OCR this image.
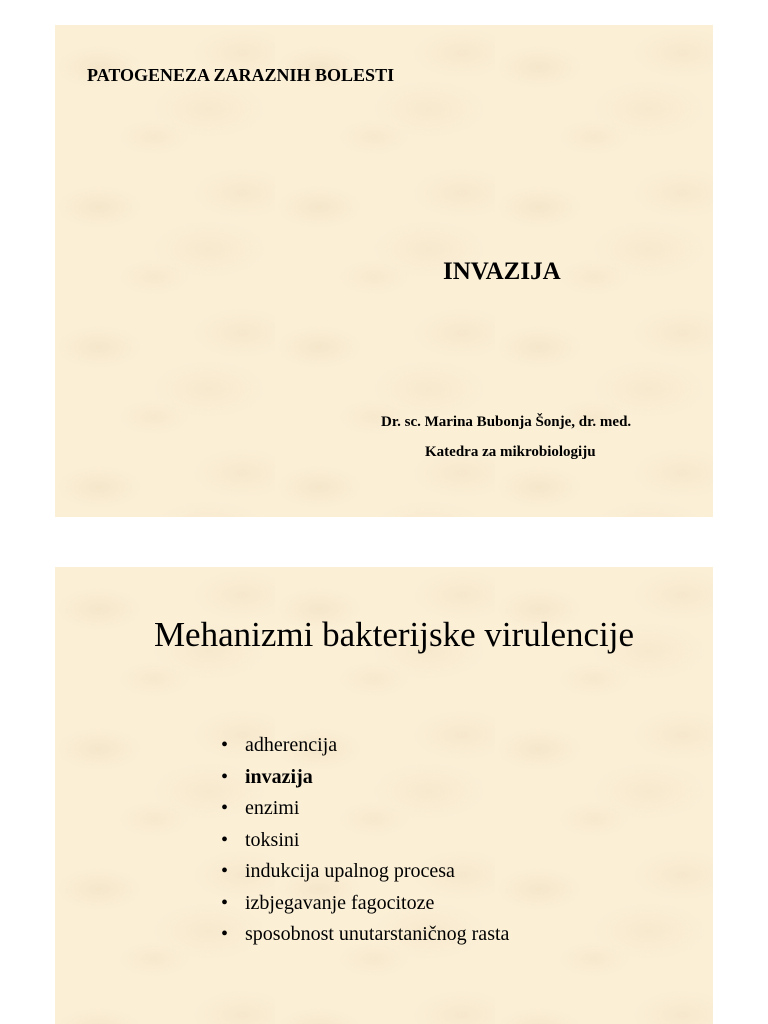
PATOGENEZA ZARAZNIH BOLESTI
INVAZIJA
Dr. sc. Marina Bubonja Šonje, dr. med.
Katedra za mikrobiologiju
Mehanizmi bakterijske virulencije
• adherencija
• invazija
• enzimi
• toksini
• indukcija upalnog procesa
• izbjegavanje fagocitoze
• sposobnost unutarstaničnog rasta
